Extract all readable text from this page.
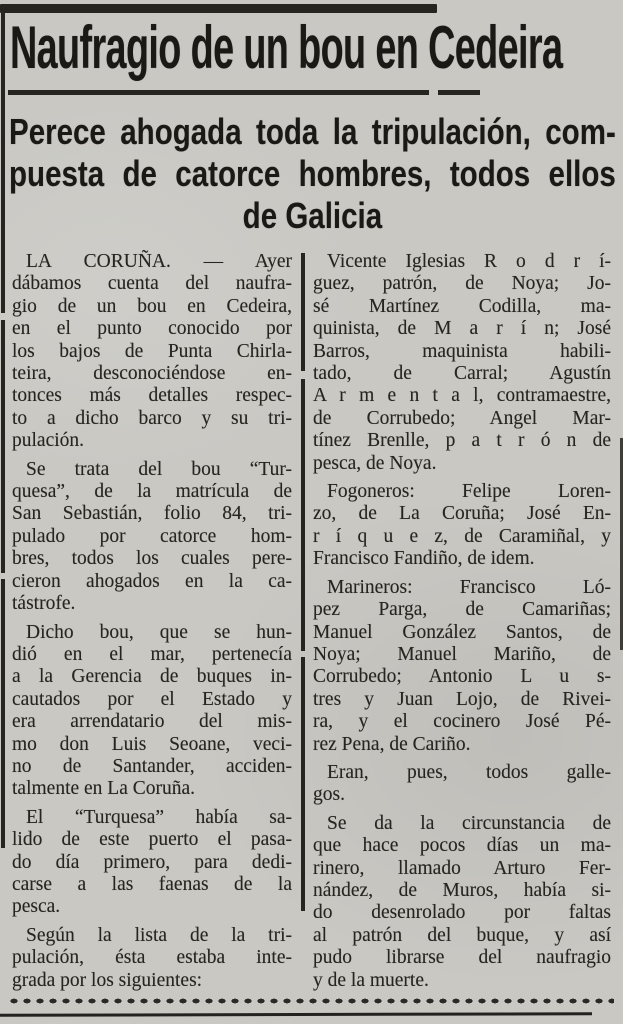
Naufragio de un bou en Cedeira
Perece ahogada toda la tripulación, com-
puesta de catorce hombres, todos ellos
de Galicia
LA CORUÑA. — Ayer
dábamos cuenta del naufra-
gio de un bou en Cedeira,
en el punto conocido por
los bajos de Punta Chirla-
teira, desconociéndose en-
tonces más detalles respec-
to a dicho barco y su tri-
pulación.
Se trata del bou “Tur-
quesa”, de la matrícula de
San Sebastián, folio 84, tri-
pulado por catorce hom-
bres, todos los cuales pere-
cieron ahogados en la ca-
tástrofe.
Dicho bou, que se hun-
dió en el mar, pertenecía
a la Gerencia de buques in-
cautados por el Estado y
era arrendatario del mis-
mo don Luis Seoane, veci-
no de Santander, acciden-
talmente en La Coruña.
El “Turquesa” había sa-
lido de este puerto el pasa-
do día primero, para dedi-
carse a las faenas de la
pesca.
Según la lista de la tri-
pulación, ésta estaba inte-
grada por los siguientes:
Vicente Iglesias R o d r í-
guez, patrón, de Noya; Jo-
sé Martínez Codilla, ma-
quinista, de M a r í n; José
Barros, maquinista habili-
tado, de Carral; Agustín
A r m e n t a l, contramaestre,
de Corrubedo; Angel Mar-
tínez Brenlle, p a t r ó n de
pesca, de Noya.
Fogoneros: Felipe Loren-
zo, de La Coruña; José En-
r í q u e z, de Caramiñal, y
Francisco Fandiño, de idem.
Marineros: Francisco Ló-
pez Parga, de Camariñas;
Manuel González Santos, de
Noya; Manuel Mariño, de
Corrubedo; Antonio L u s-
tres y Juan Lojo, de Rivei-
ra, y el cocinero José Pé-
rez Pena, de Cariño.
Eran, pues, todos galle-
gos.
Se da la circunstancia de
que hace pocos días un ma-
rinero, llamado Arturo Fer-
nández, de Muros, había si-
do desenrolado por faltas
al patrón del buque, y así
pudo librarse del naufragio
y de la muerte.
